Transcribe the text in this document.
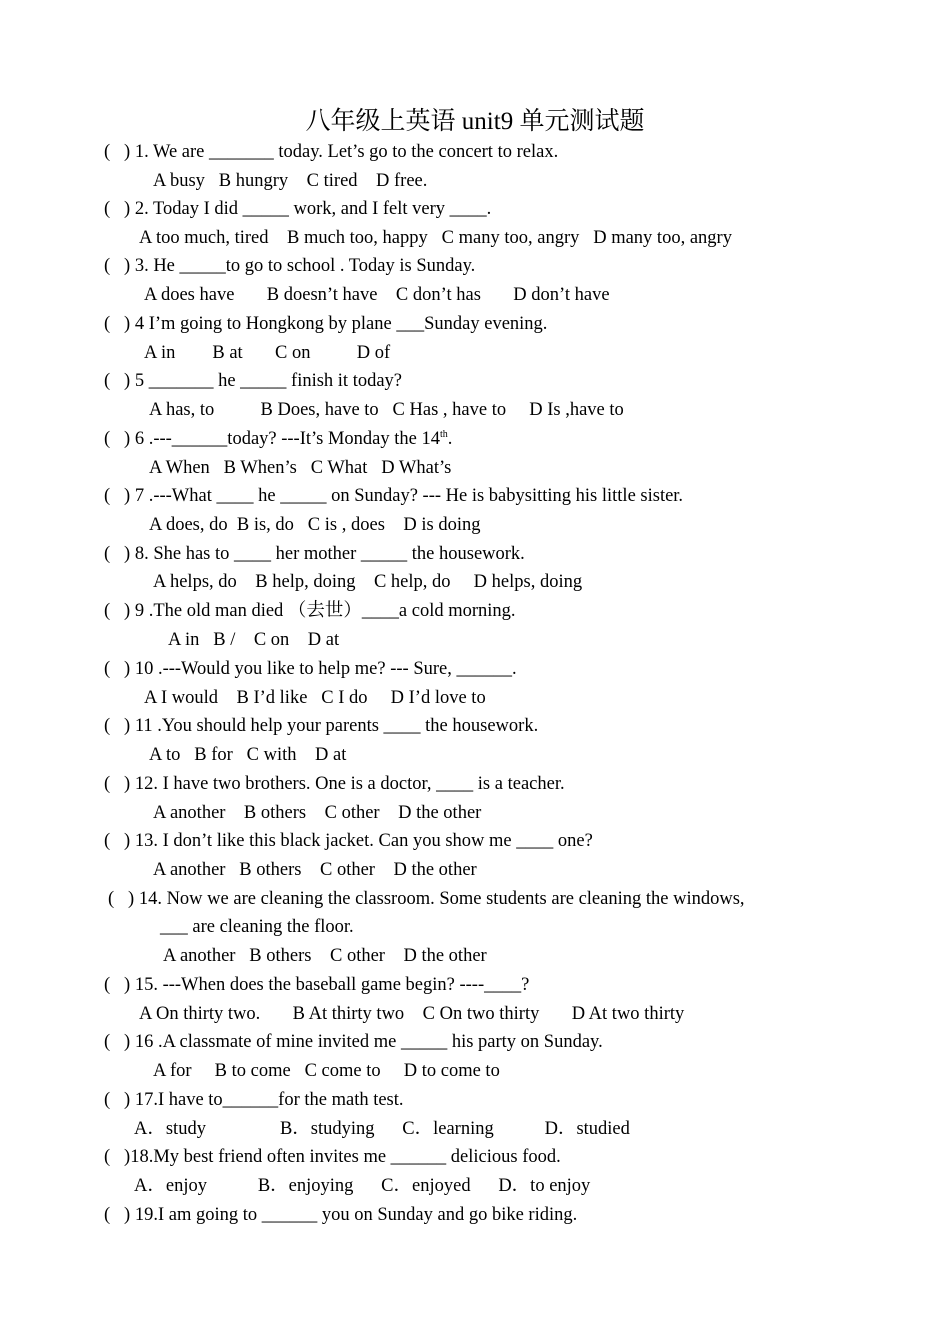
八年级上英语 unit9 单元测试题
(   ) 1. We are _______ today. Let’s go to the concert to relax.
A busy   B hungry    C tired    D free.
(   ) 2. Today I did _____ work, and I felt very ____.
A too much, tired    B much too, happy   C many too, angry   D many too, angry
(   ) 3. He _____to go to school . Today is Sunday.
A does have       B doesn’t have    C don’t has       D don’t have
(   ) 4 I’m going to Hongkong by plane ___Sunday evening.
A in        B at       C on          D of
(   ) 5 _______ he _____ finish it today?
A has, to          B Does, have to   C Has , have to     D Is ,have to
(   ) 6 .---______today? ---It’s Monday the 14th.
A When   B When’s   C What   D What’s
(   ) 7 .---What ____ he _____ on Sunday? --- He is babysitting his little sister.
A does, do  B is, do   C is , does    D is doing
(   ) 8. She has to ____ her mother _____ the housework.
A helps, do    B help, doing    C help, do     D helps, doing
(   ) 9 .The old man died （去世）____a cold morning.
A in   B /    C on    D at
(   ) 10 .---Would you like to help me? --- Sure, ______.
A I would    B I’d like   C I do     D I’d love to
(   ) 11 .You should help your parents ____ the housework.
A to   B for   C with    D at
(   ) 12. I have two brothers. One is a doctor, ____ is a teacher.
A another    B others    C other    D the other
(   ) 13. I don’t like this black jacket. Can you show me ____ one?
A another   B others    C other    D the other
(   ) 14. Now we are cleaning the classroom. Some students are cleaning the windows,
___ are cleaning the floor.
A another   B others    C other    D the other
(   ) 15. ---When does the baseball game begin? ----____?
A On thirty two.       B At thirty two    C On two thirty       D At two thirty
(   ) 16 .A classmate of mine invited me _____ his party on Sunday.
A for     B to come   C come to     D to come to
(   ) 17.I have to______for the math test.
A．study                B．studying      C．learning           D．studied
(   )18.My best friend often invites me ______ delicious food.
A．enjoy           B．enjoying      C．enjoyed      D．to enjoy
(   ) 19.I am going to ______ you on Sunday and go bike riding.
